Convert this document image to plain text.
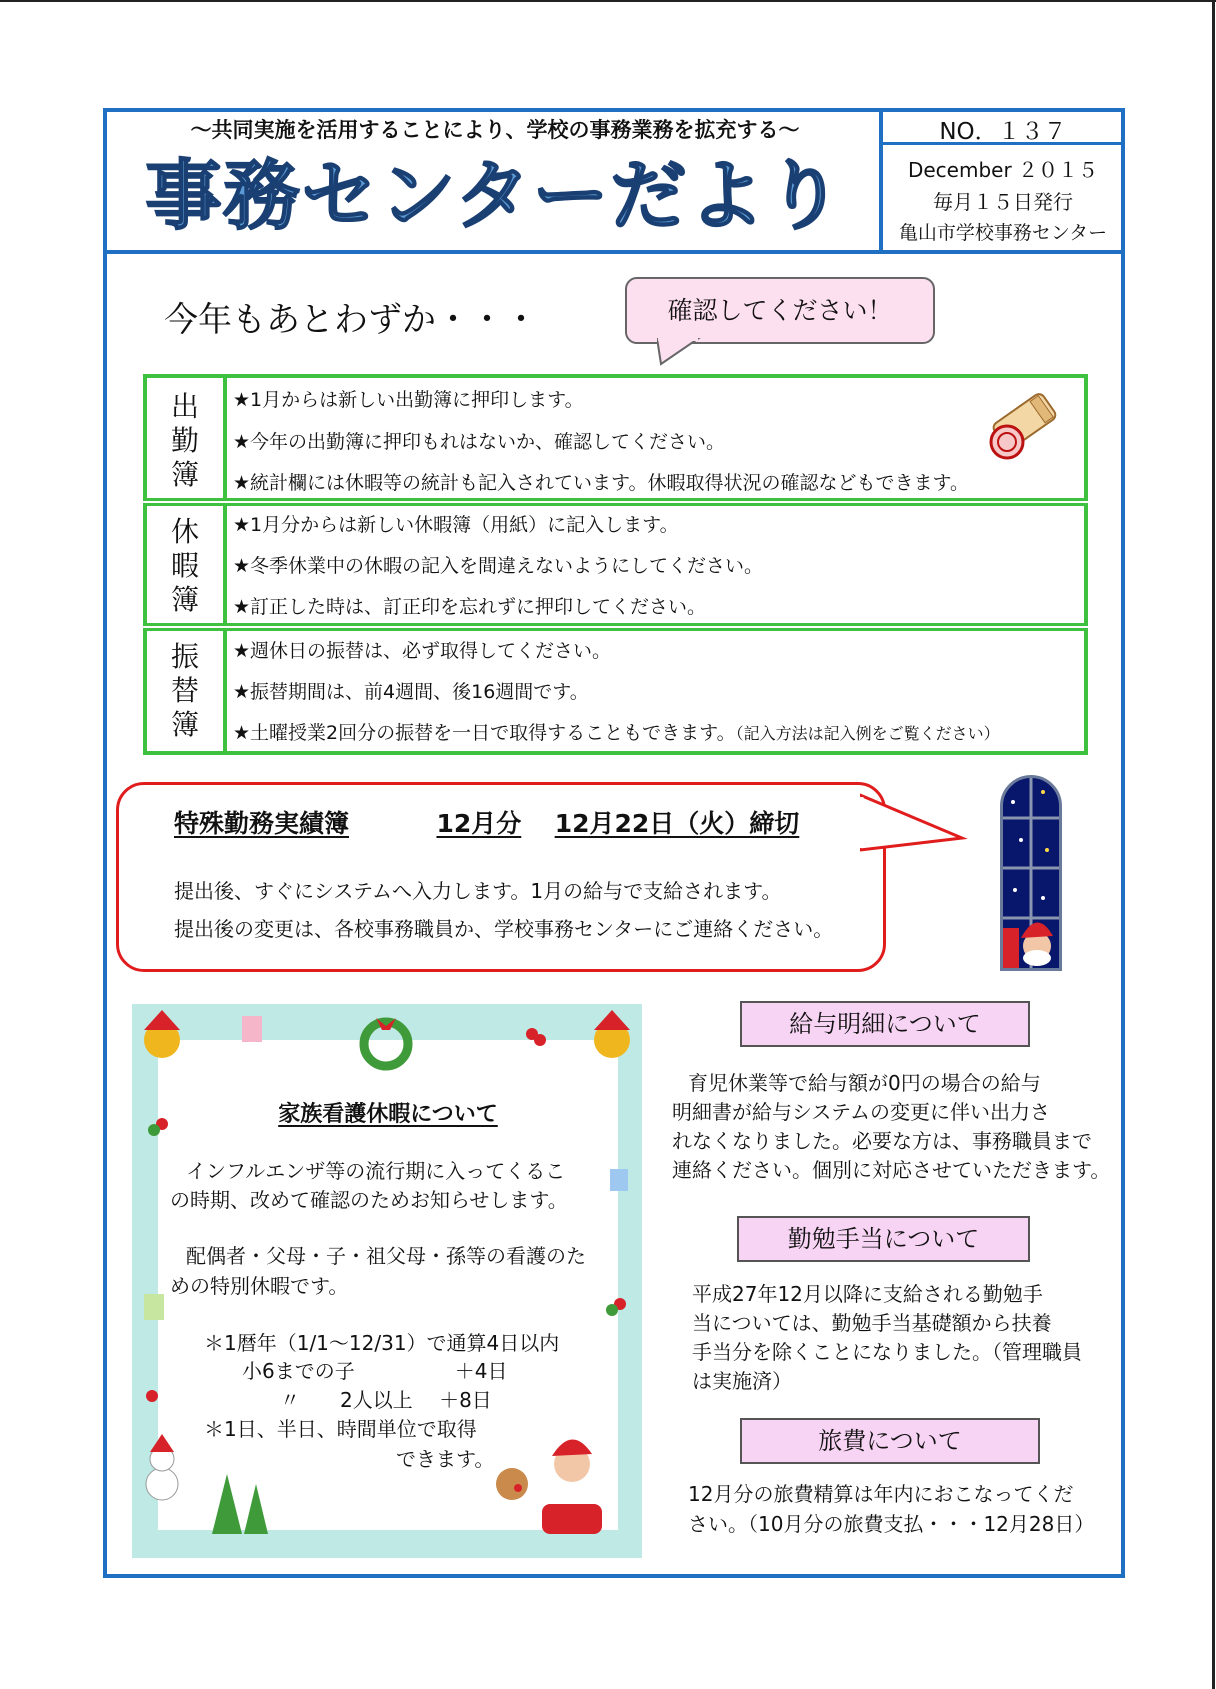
～共同実施を活用することにより、学校の事務業務を拡充する～
事務センターだより
NO．１３７
December ２０１５
毎月１５日発行
亀山市学校事務センター
今年もあとわずか・・・	確認してください！
出
勤
簿
休
暇
簿
振
替
簿
★1月からは新しい出勤簿に押印します。
★今年の出勤簿に押印もれはないか、確認してください。
★統計欄には休暇等の統計も記入されています。休暇取得状況の確認などもできます。
★1月分からは新しい休暇簿（用紙）に記入します。
★冬季休業中の休暇の記入を間違えないようにしてください。
★訂正した時は、訂正印を忘れずに押印してください。
★週休日の振替は、必ず取得してください。
★振替期間は、前4週間、後16週間です。
★土曜授業2回分の振替を一日で取得することもできます。（記入方法は記入例をご覧ください）
特殊勤務実績簿	12月分 12月22日（火）締切
提出後、すぐにシステムへ入力します。1月の給与で支給されます。
提出後の変更は、各校事務職員か、学校事務センターにご連絡ください。
家族看護休暇について
インフルエンザ等の流行期に入ってくるこ
の時期、改めて確認のためお知らせします。
配偶者・父母・子・祖父母・孫等の看護のた
めの特別休暇です。
＊1暦年（1/1～12/31）で通算4日以内
小6までの子　　　　　＋4日
〃　　2人以上　 ＋8日
＊1日、半日、時間単位で取得
できます。
給与明細について
育児休業等で給与額が0円の場合の給与
明細書が給与システムの変更に伴い出力さ
れなくなりました。必要な方は、事務職員まで
連絡ください。個別に対応させていただきます。
勤勉手当について
平成27年12月以降に支給される勤勉手
当については、勤勉手当基礎額から扶養
手当分を除くことになりました。（管理職員
は実施済）
旅費について
12月分の旅費精算は年内におこなってくだ
さい。（10月分の旅費支払・・・12月28日）
